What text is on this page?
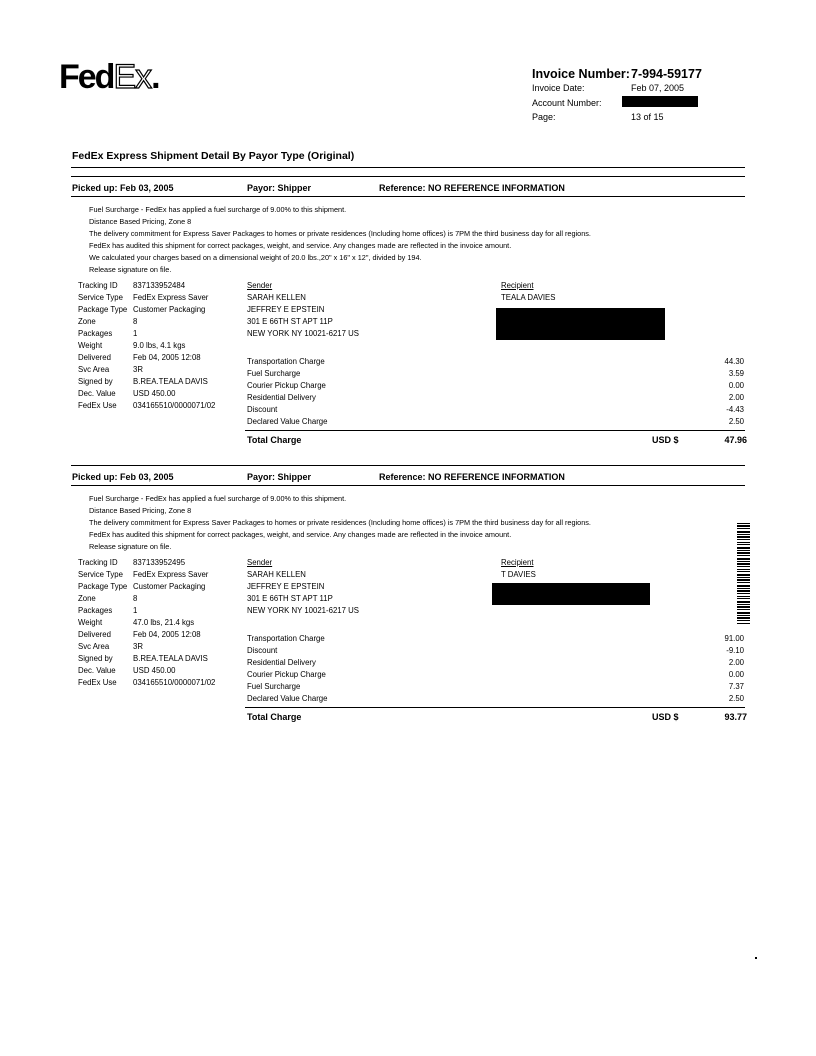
FedEx.	Invoice Number: 7-994-59177
Invoice Date:	Feb 07, 2005
Account Number:
Page:	13 of 15
FedEx Express Shipment Detail By Payor Type (Original)
Picked up: Feb 03, 2005	Payor: Shipper	Reference: NO REFERENCE INFORMATION
Fuel Surcharge - FedEx has applied a fuel surcharge of 9.00% to this shipment.
Distance Based Pricing, Zone 8
The delivery commitment for Express Saver Packages to homes or private residences (Including home offices) is 7PM the third business day for all regions.
FedEx has audited this shipment for correct packages, weight, and service. Any changes made are reflected in the invoice amount.
We calculated your charges based on a dimensional weight of 20.0 lbs.,20" x 16" x 12", divided by 194.
Release signature on file.
Tracking ID 837133952484
Service Type FedEx Express Saver
Package Type Customer Packaging
Zone	8
Packages	1
Weight	9.0 lbs, 4.1 kgs
Delivered	Feb 04, 2005 12:08
Svc Area	3R
Signed by	B.REA.TEALA DAVIS
Dec. Value USD 450.00
FedEx Use 034165510/0000071/02
Sender
SARAH KELLEN
JEFFREY E EPSTEIN
301 E 66TH ST APT 11P
NEW YORK NY 10021-6217 US
Recipient
TEALA DAVIES
Transportation Charge	44.30
Fuel Surcharge	3.59
Courier Pickup Charge	0.00
Residential Delivery	2.00
Discount	-4.43
Declared Value Charge	2.50
Total Charge	USD $	47.96
Picked up: Feb 03, 2005	Payor: Shipper	Reference: NO REFERENCE INFORMATION
Fuel Surcharge - FedEx has applied a fuel surcharge of 9.00% to this shipment.
Distance Based Pricing, Zone 8
The delivery commitment for Express Saver Packages to homes or private residences (Including home offices) is 7PM the third business day for all regions.
FedEx has audited this shipment for correct packages, weight, and service. Any changes made are reflected in the invoice amount.
Release signature on file.
Tracking ID 837133952495
Service Type FedEx Express Saver
Package Type Customer Packaging
Zone	8
Packages	1
Weight	47.0 lbs, 21.4 kgs
Delivered	Feb 04, 2005 12:08
Svc Area	3R
Signed by	B.REA.TEALA DAVIS
Dec. Value USD 450.00
FedEx Use 034165510/0000071/02
Sender
SARAH KELLEN
JEFFREY E EPSTEIN
301 E 66TH ST APT 11P
NEW YORK NY 10021-6217 US
Recipient
T DAVIES
Transportation Charge	91.00
Discount	-9.10
Residential Delivery	2.00
Courier Pickup Charge	0.00
Fuel Surcharge	7.37
Declared Value Charge	2.50
Total Charge	USD $	93.77
